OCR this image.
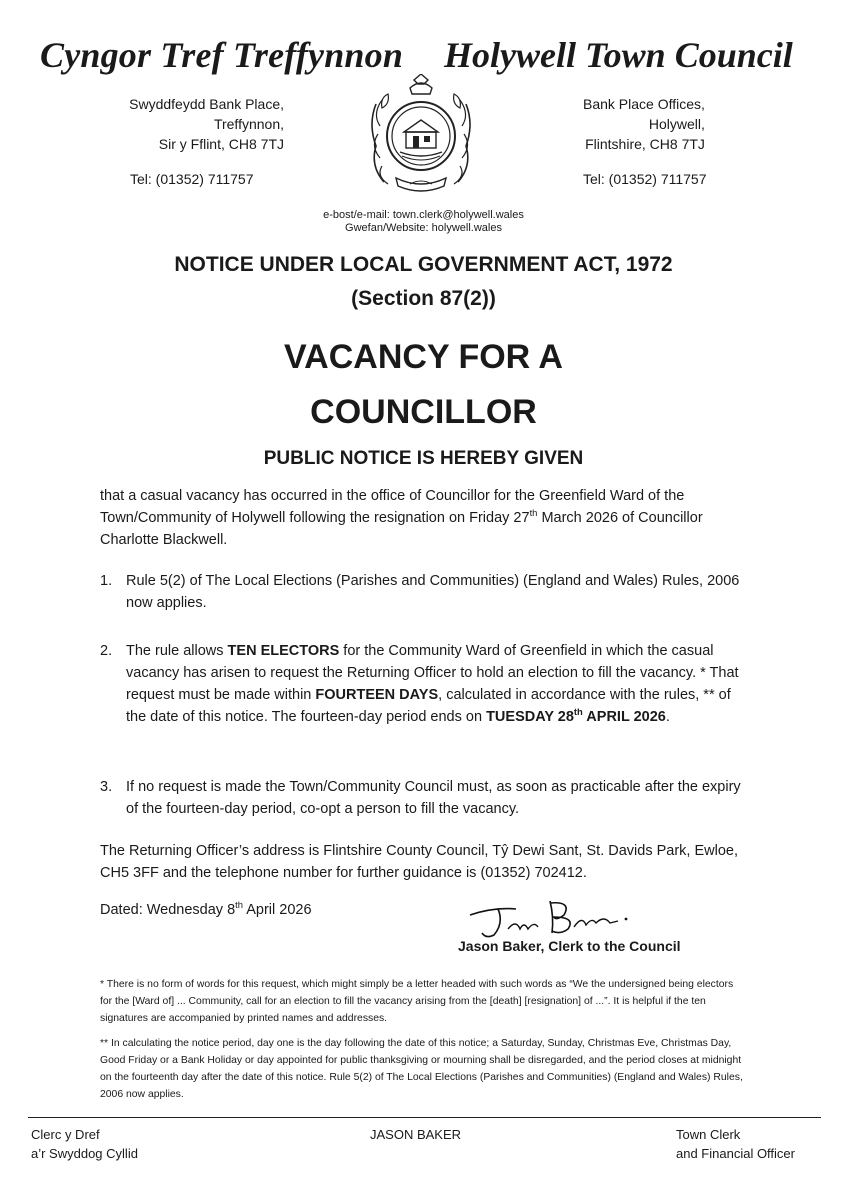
Cyngor Tref Treffynnon Holywell Town Council
Swyddfeydd Bank Place,
Treffynnon,
Sir y Fflint, CH8 7TJ
Bank Place Offices,
Holywell,
Flintshire, CH8 7TJ
Tel: (01352) 711757	Tel: (01352) 711757
e-bost/e-mail: town.clerk@holywell.wales
Gwefan/Website: holywell.wales
NOTICE UNDER LOCAL GOVERNMENT ACT, 1972
(Section 87(2))
VACANCY FOR A
COUNCILLOR
PUBLIC NOTICE IS HEREBY GIVEN
that a casual vacancy has occurred in the office of Councillor for the Greenfield Ward of the Town/Community of Holywell following the resignation on Friday 27th March 2026 of Councillor Charlotte Blackwell.
1. Rule 5(2) of The Local Elections (Parishes and Communities) (England and Wales) Rules, 2006 now applies.
2. The rule allows TEN ELECTORS for the Community Ward of Greenfield in which the casual vacancy has arisen to request the Returning Officer to hold an election to fill the vacancy. * That request must be made within FOURTEEN DAYS, calculated in accordance with the rules, ** of the date of this notice. The fourteen-day period ends on TUESDAY 28th APRIL 2026.
3. If no request is made the Town/Community Council must, as soon as practicable after the expiry of the fourteen-day period, co-opt a person to fill the vacancy.
The Returning Officer’s address is Flintshire County Council, Tŷ Dewi Sant, St. Davids Park, Ewloe, CH5 3FF and the telephone number for further guidance is (01352) 702412.
Dated: Wednesday 8th April 2026
Jason Baker, Clerk to the Council
* There is no form of words for this request, which might simply be a letter headed with such words as “We the undersigned being electors for the [Ward of] ... Community, call for an election to fill the vacancy arising from the [death] [resignation] of ...”. It is helpful if the ten signatures are accompanied by printed names and addresses.
** In calculating the notice period, day one is the day following the date of this notice; a Saturday, Sunday, Christmas Eve, Christmas Day, Good Friday or a Bank Holiday or day appointed for public thanksgiving or mourning shall be disregarded, and the period closes at midnight on the fourteenth day after the date of this notice. Rule 5(2) of The Local Elections (Parishes and Communities) (England and Wales) Rules, 2006 now applies.
Clerc y Dref
a’r Swyddog Cyllid
JASON BAKER	Town Clerk
and Financial Officer
